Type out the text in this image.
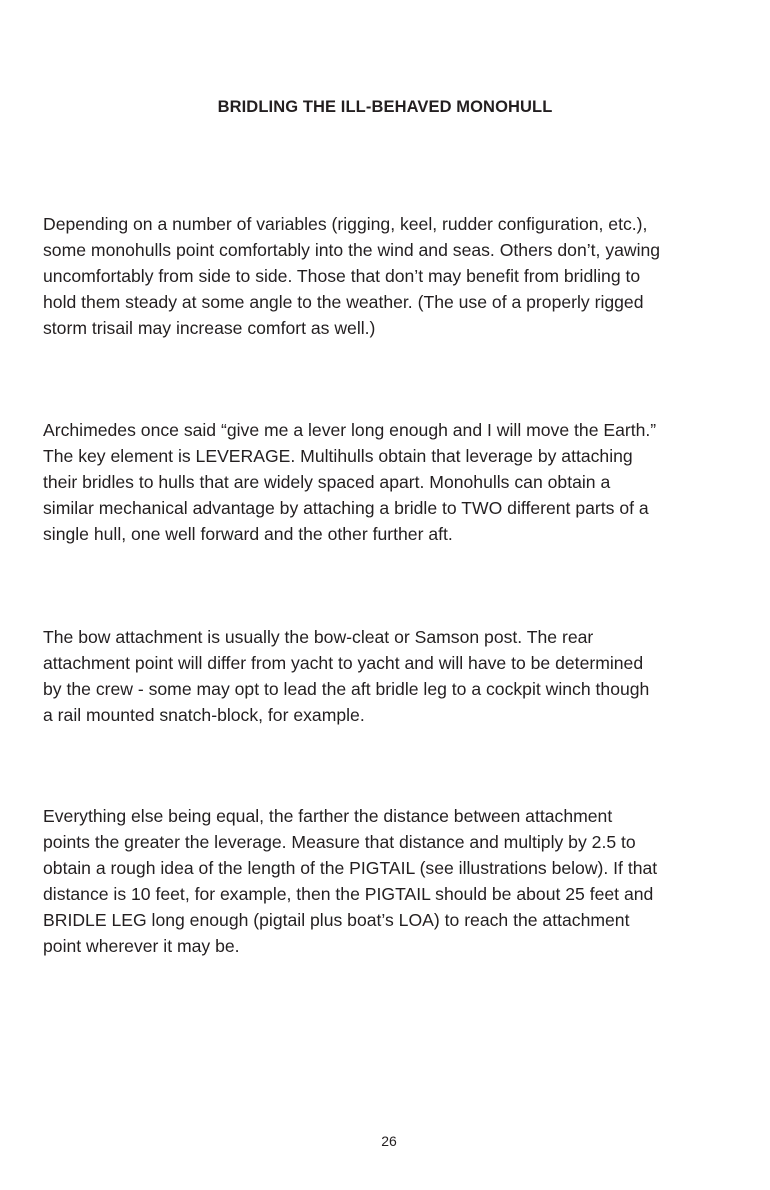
BRIDLING THE ILL-BEHAVED MONOHULL

Depending on a number of variables (rigging, keel, rudder configuration, etc.),
some monohulls point comfortably into the wind and seas. Others don’t, yawing
uncomfortably from side to side. Those that don’t may benefit from bridling to
hold them steady at some angle to the weather. (The use of a properly rigged
storm trisail may increase comfort as well.)

Archimedes once said “give me a lever long enough and I will move the Earth.”
The key element is LEVERAGE. Multihulls obtain that leverage by attaching
their bridles to hulls that are widely spaced apart. Monohulls can obtain a
similar mechanical advantage by attaching a bridle to TWO different parts of a
single hull, one well forward and the other further aft.

The bow attachment is usually the bow-cleat or Samson post. The rear
attachment point will differ from yacht to yacht and will have to be determined
by the crew - some may opt to lead the aft bridle leg to a cockpit winch though
a rail mounted snatch-block, for example.

Everything else being equal, the farther the distance between attachment
points the greater the leverage. Measure that distance and multiply by 2.5 to
obtain a rough idea of the length of the PIGTAIL (see illustrations below). If that
distance is 10 feet, for example, then the PIGTAIL should be about 25 feet and
BRIDLE LEG long enough (pigtail plus boat’s LOA) to reach the attachment
point wherever it may be.

26
